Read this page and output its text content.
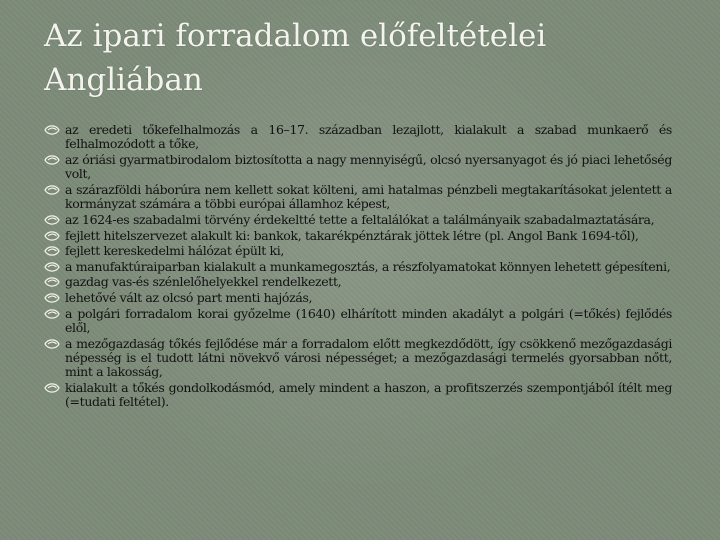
Az ipari forradalom előfeltételei Angliában
az eredeti tőkefelhalmozás a 16–17. században lezajlott, kialakult a szabad munkaerő és felhalmozódott a tőke,
az óriási gyarmatbirodalom biztosította a nagy mennyiségű, olcsó nyersanyagot és jó piaci lehetőség volt,
a szárazföldi háborúra nem kellett sokat költeni, ami hatalmas pénzbeli megtakarításokat jelentett a kormányzat számára a többi európai államhoz képest,
az 1624-es szabadalmi törvény érdekeltté tette a feltalálókat a találmányaik szabadalmaztatására,
fejlett hitelszervezet alakult ki: bankok, takarékpénztárak jöttek létre (pl. Angol Bank 1694-től),
fejlett kereskedelmi hálózat épült ki,
a manufaktúraiparban kialakult a munkamegosztás, a részfolyamatokat könnyen lehetett gépesíteni,
gazdag vas-és szénlelőhelyekkel rendelkezett,
lehetővé vált az olcsó part menti hajózás,
a polgári forradalom korai győzelme (1640) elhárított minden akadályt a polgári (=tőkés) fejlődés elől,
a mezőgazdaság tőkés fejlődése már a forradalom előtt megkezdődött, így csökkenő mezőgazdasági népesség is el tudott látni növekvő városi népességet; a mezőgazdasági termelés gyorsabban nőtt, mint a lakosság,
kialakult a tőkés gondolkodásmód, amely mindent a haszon, a profitszerzés szempontjából ítélt meg (=tudati feltétel).
